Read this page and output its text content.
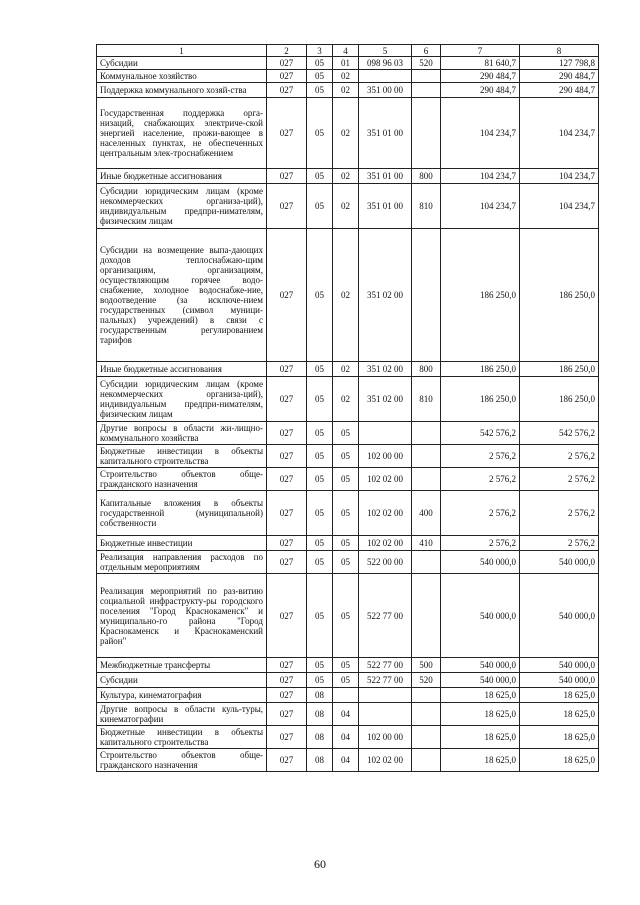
1	2	3	4	5	6	7	8
Субсидии	027	05	01	098 96 03	520	81 640,7	127 798,8
Коммунальное хозяйство	027	05	02			290 484,7	290 484,7
Поддержка коммунального хозяй-ства	027	05	02	351 00 00		290 484,7	290 484,7
Государственная поддержка орга-низаций, снабжающих электриче-ской энергией население, прожи-вающее в населенных пунктах, не обеспеченных центральным элек-троснабжением	027	05	02	351 01 00		104 234,7	104 234,7
Иные бюджетные ассигнования	027	05	02	351 01 00	800	104 234,7	104 234,7
Субсидии юридическим лицам (кроме некоммерческих организа-ций), индивидуальным предпри-нимателям, физическим лицам	027	05	02	351 01 00	810	104 234,7	104 234,7
Субсидии на возмещение выпа-дающих доходов теплоснабжаю-щим организациям, организациям, осуществляющим горячее водо-снабжение, холодное водоснабже-ние, водоотведение (за исключе-нием государственных (символ муници-пальных) учреждений) в связи с государственным регулированием тарифов	027	05	02	351 02 00		186 250,0	186 250,0
Иные бюджетные ассигнования	027	05	02	351 02 00	800	186 250,0	186 250,0
Субсидии юридическим лицам (кроме некоммерческих организа-ций), индивидуальным предпри-нимателям, физическим лицам	027	05	02	351 02 00	810	186 250,0	186 250,0
Другие вопросы в области жи-лищно-коммунального хозяйства	027	05	05			542 576,2	542 576,2
Бюджетные инвестиции в объекты капитального строительства	027	05	05	102 00 00		2 576,2	2 576,2
Строительство объектов обще-гражданского назначения	027	05	05	102 02 00		2 576,2	2 576,2
Капитальные вложения в объекты государственной (муниципальной) собственности	027	05	05	102 02 00	400	2 576,2	2 576,2
Бюджетные инвестиции	027	05	05	102 02 00	410	2 576,2	2 576,2
Реализация направления расходов по отдельным мероприятиям	027	05	05	522 00 00		540 000,0	540 000,0
Реализация мероприятий по раз-витию социальной инфраструкту-ры городского поселения "Город Краснокаменск" и муниципально-го района "Город Краснокаменск и Краснокаменский район"	027	05	05	522 77 00		540 000,0	540 000,0
Межбюджетные трансферты	027	05	05	522 77 00	500	540 000,0	540 000,0
Субсидии	027	05	05	522 77 00	520	540 000,0	540 000,0
Культура, кинематография	027	08				18 625,0	18 625,0
Другие вопросы в области куль-туры, кинематографии	027	08	04			18 625,0	18 625,0
Бюджетные инвестиции в объекты капитального строительства	027	08	04	102 00 00		18 625,0	18 625,0
Строительство объектов обще-гражданского назначения	027	08	04	102 02 00		18 625,0	18 625,0
60
